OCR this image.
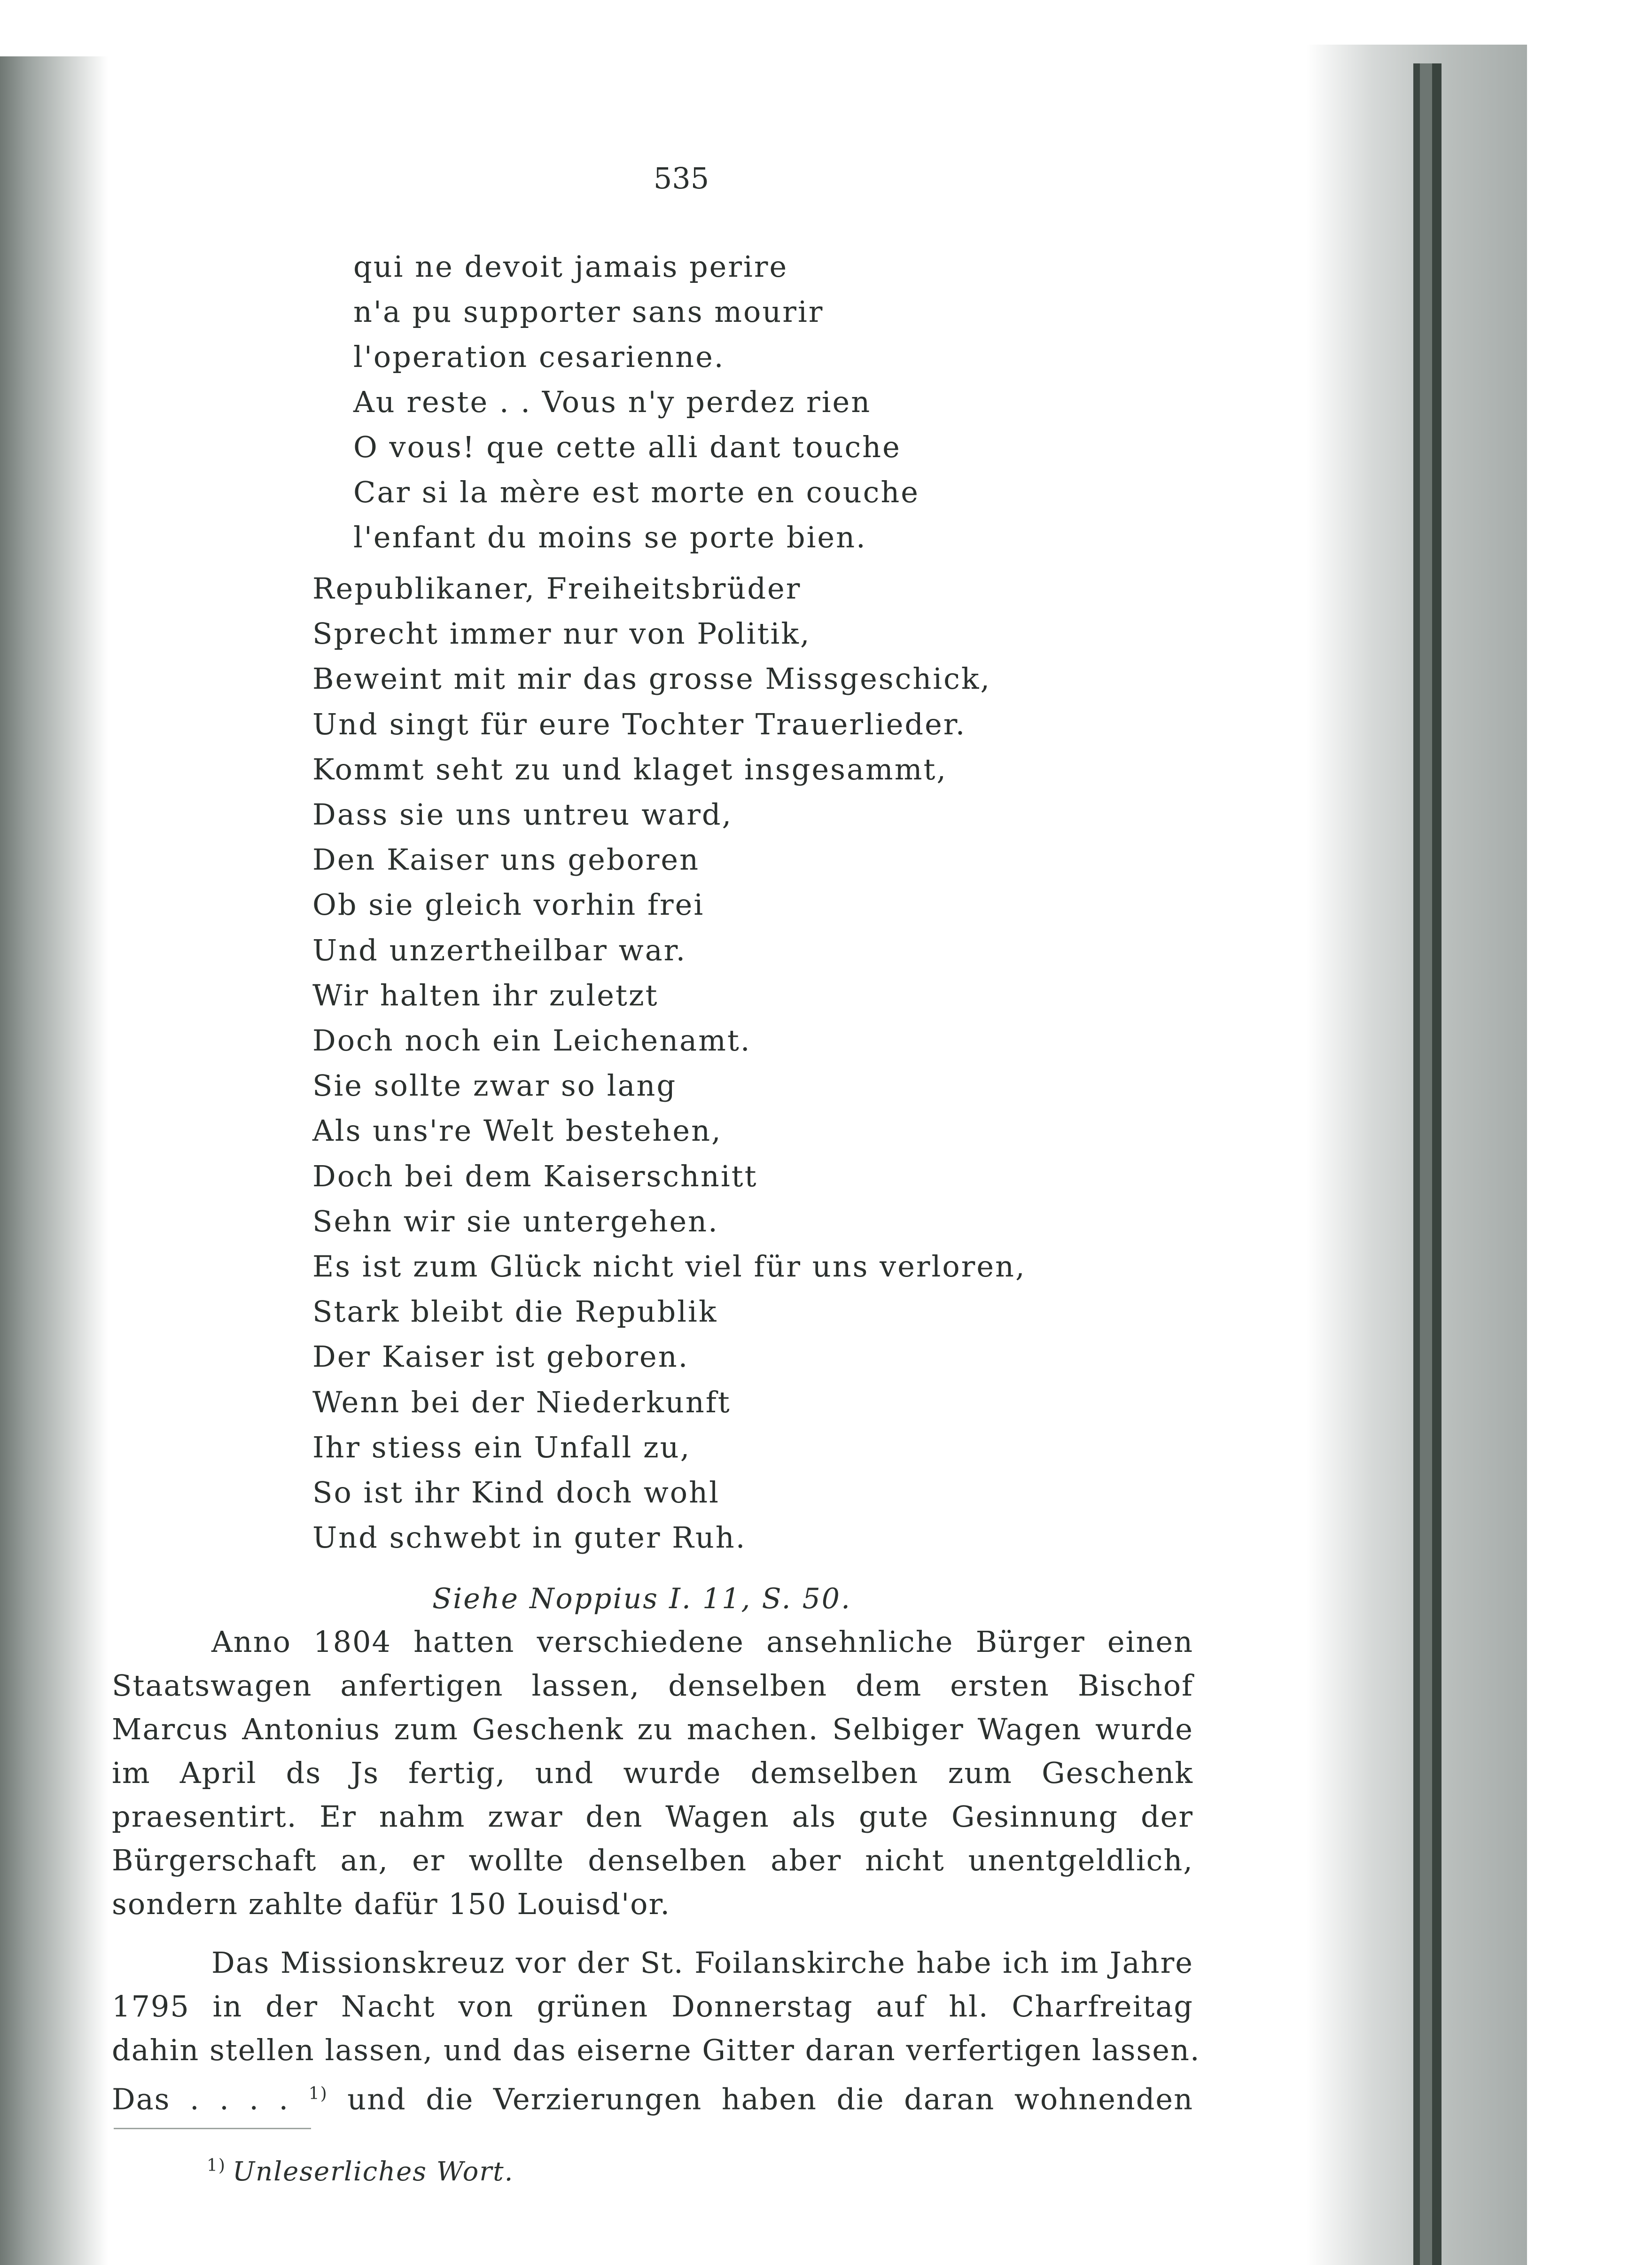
535
qui ne devoit jamais perire
n'a pu supporter sans mourir
l'operation cesarienne.
Au reste . . Vous n'y perdez rien
O vous! que cette alli dant touche
Car si la mère est morte en couche
l'enfant du moins se porte bien.
Republikaner, Freiheitsbrüder
Sprecht immer nur von Politik,
Beweint mit mir das grosse Missgeschick,
Und singt für eure Tochter Trauerlieder.
Kommt seht zu und klaget insgesammt,
Dass sie uns untreu ward,
Den Kaiser uns geboren
Ob sie gleich vorhin frei
Und unzertheilbar war.
Wir halten ihr zuletzt
Doch noch ein Leichenamt.
Sie sollte zwar so lang
Als uns're Welt bestehen,
Doch bei dem Kaiserschnitt
Sehn wir sie untergehen.
Es ist zum Glück nicht viel für uns verloren,
Stark bleibt die Republik
Der Kaiser ist geboren.
Wenn bei der Niederkunft
Ihr stiess ein Unfall zu,
So ist ihr Kind doch wohl
Und schwebt in guter Ruh.
Siehe Noppius I. 11, S. 50.
Anno 1804 hatten verschiedene ansehnliche Bürger einen
Staatswagen anfertigen lassen, denselben dem ersten Bischof
Marcus Antonius zum Geschenk zu machen. Selbiger Wagen wurde
im April ds Js fertig, und wurde demselben zum Geschenk
praesentirt. Er nahm zwar den Wagen als gute Gesinnung der
Bürgerschaft an, er wollte denselben aber nicht unentgeldlich,
sondern zahlte dafür 150 Louisd'or.
Das Missionskreuz vor der St. Foilanskirche habe ich im Jahre
1795 in der Nacht von grünen Donnerstag auf hl. Charfreitag
dahin stellen lassen, und das eiserne Gitter daran verfertigen lassen.
Das . . . . $^{1)}$ und die Verzierungen haben die daran wohnenden
$^{1)}$ Unleserliches Wort.
